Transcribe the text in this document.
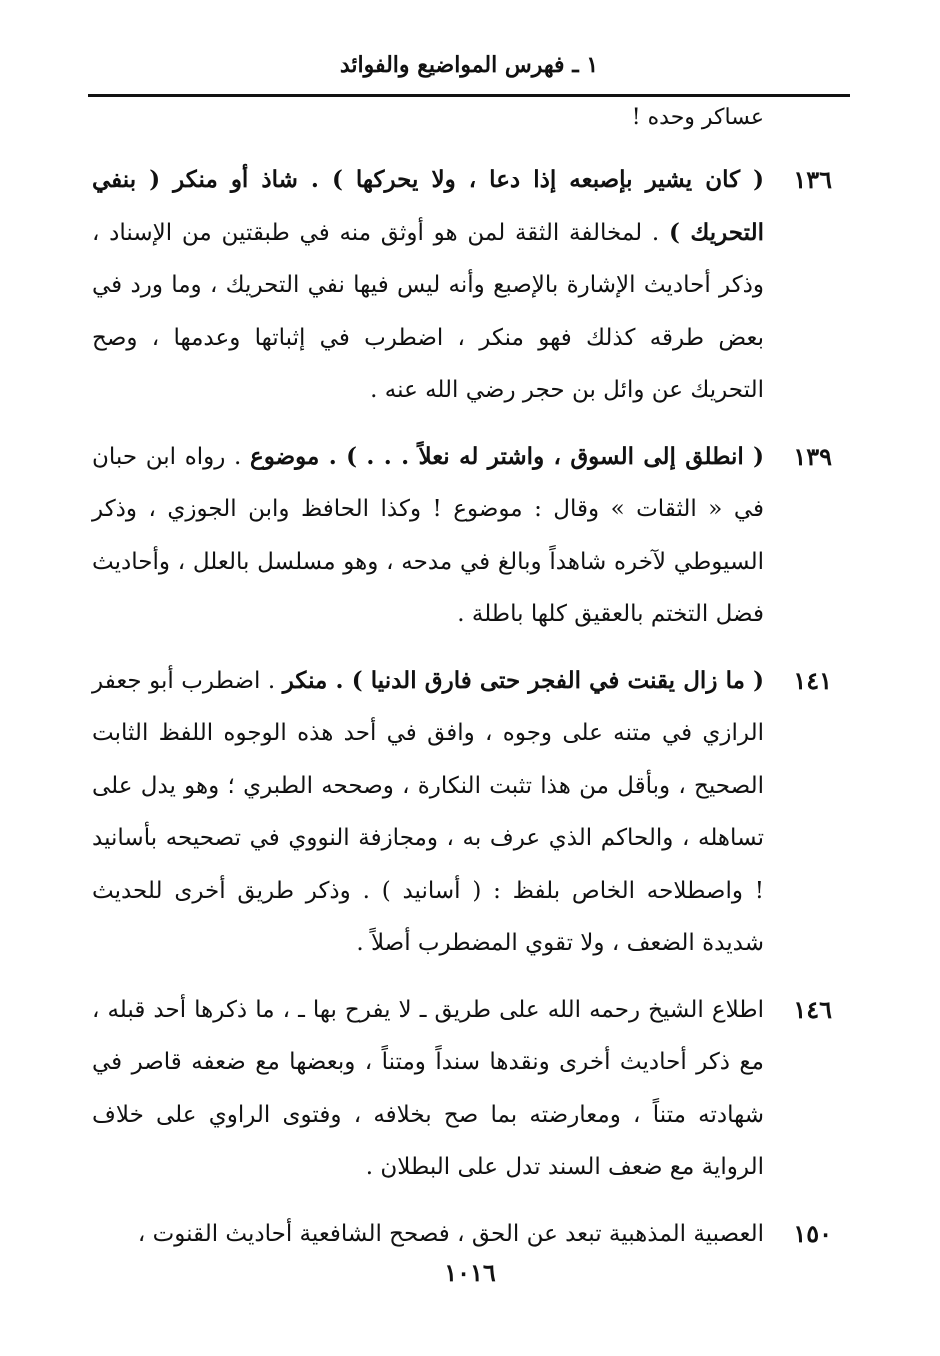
١ ـ فهرس المواضيع والفوائد
عساكر وحده !
١٣٦
( كان يشير بإصبعه إذا دعا ، ولا يحركها ) . شاذ أو منكر ( بنفي التحريك ) . لمخالفة الثقة لمن هو أوثق منه في طبقتين من الإسناد ، وذكر أحاديث الإشارة بالإصبع وأنه ليس فيها نفي التحريك ، وما ورد في بعض طرقه كذلك فهو منكر ، اضطرب في إثباتها وعدمها ، وصح التحريك عن وائل بن حجر رضي الله عنه .
١٣٩
( انطلق إلى السوق ، واشتر له نعلاً . . . ) . موضوع . رواه ابن حبان في « الثقات » وقال : موضوع ! وكذا الحافظ وابن الجوزي ، وذكر السيوطي لآخره شاهداً وبالغ في مدحه ، وهو مسلسل بالعلل ، وأحاديث فضل التختم بالعقيق كلها باطلة .
١٤١
( ما زال يقنت في الفجر حتى فارق الدنيا ) . منكر . اضطرب أبو جعفر الرازي في متنه على وجوه ، وافق في أحد هذه الوجوه اللفظ الثابت الصحيح ، وبأقل من هذا تثبت النكارة ، وصححه الطبري ؛ وهو يدل على تساهله ، والحاكم الذي عرف به ، ومجازفة النووي في تصحيحه بأسانيد ! واصطلاحه الخاص بلفظ : ( أسانيد ) . وذكر طريق أخرى للحديث شديدة الضعف ، ولا تقوي المضطرب أصلاً .
١٤٦
اطلاع الشيخ رحمه الله على طريق ـ لا يفرح بها ـ ، ما ذكرها أحد قبله ، مع ذكر أحاديث أخرى ونقدها سنداً ومتناً ، وبعضها مع ضعفه قاصر في شهادته متناً ، ومعارضته بما صح بخلافه ، وفتوى الراوي على خلاف الرواية مع ضعف السند تدل على البطلان .
١٥٠
العصبية المذهبية تبعد عن الحق ، فصحح الشافعية أحاديث القنوت ،
١٠١٦
